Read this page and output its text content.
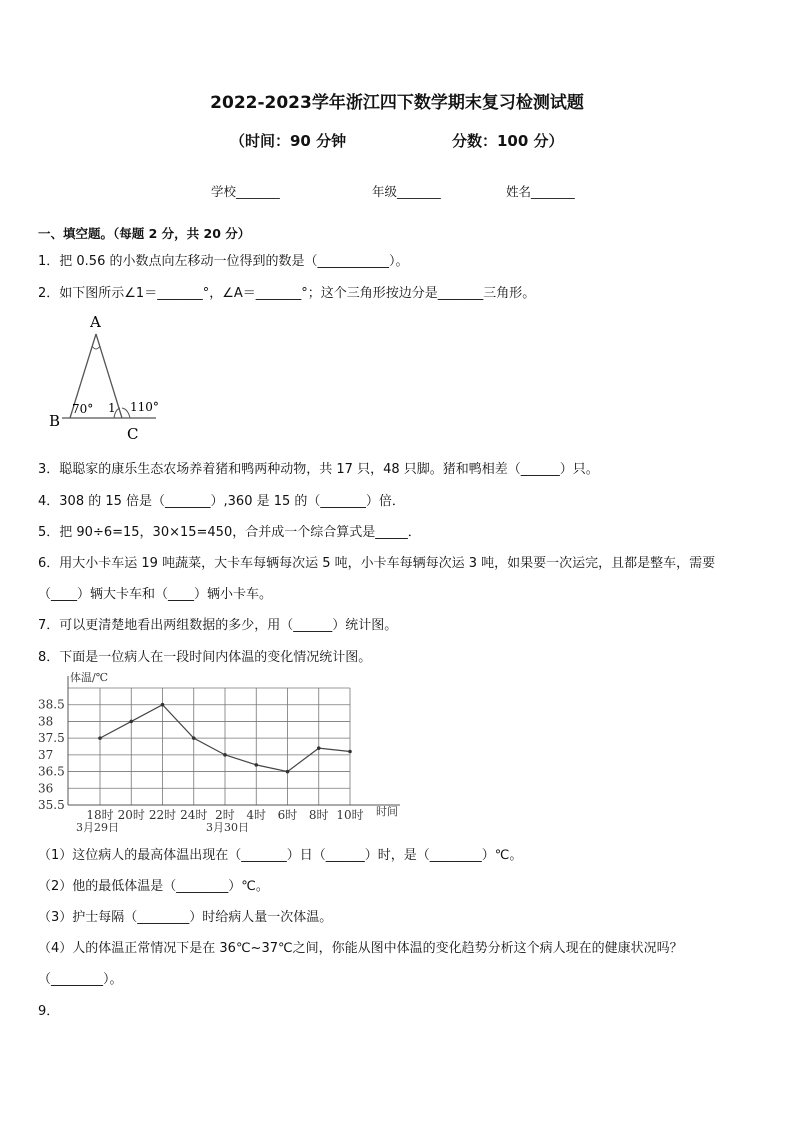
2022-2023学年浙江四下数学期末复习检测试题
（时间：90 分钟	分数：100 分）
学校_______	年级_______	姓名_______
一、填空题。（每题 2 分，共 20 分）
1．把 0.56 的小数点向左移动一位得到的数是（___________）。
2．如下图所示∠1＝_______°，∠A＝_______°；这个三角形按边分是_______三角形。
A
B
C
70° 1 110°
3．聪聪家的康乐生态农场养着猪和鸭两种动物，共 17 只，48 只脚。猪和鸭相差（______）只。
4．308 的 15 倍是（_______）,360 是 15 的（_______）倍．
5．把 90÷6=15，30×15=450，合并成一个综合算式是_____．
6．用大小卡车运 19 吨蔬菜，大卡车每辆每次运 5 吨，小卡车每辆每次运 3 吨，如果要一次运完，且都是整车，需要
（____）辆大卡车和（____）辆小卡车。
7．可以更清楚地看出两组数据的多少，用（______）统计图。
8．下面是一位病人在一段时间内体温的变化情况统计图。
38.5
38
37.5
37
36.5
36
35.5
18时 20时 22时 24时 2时 4时 6时 8时 10时
体温/℃
时间
3月29日	3月30日
（1）这位病人的最高体温出现在（_______）日（______）时，是（________）℃。
（2）他的最低体温是（________）℃。
（3）护士每隔（________）时给病人量一次体温。
（4）人的体温正常情况下是在 36℃~37℃之间，你能从图中体温的变化趋势分析这个病人现在的健康状况吗？
（________）。
9．
